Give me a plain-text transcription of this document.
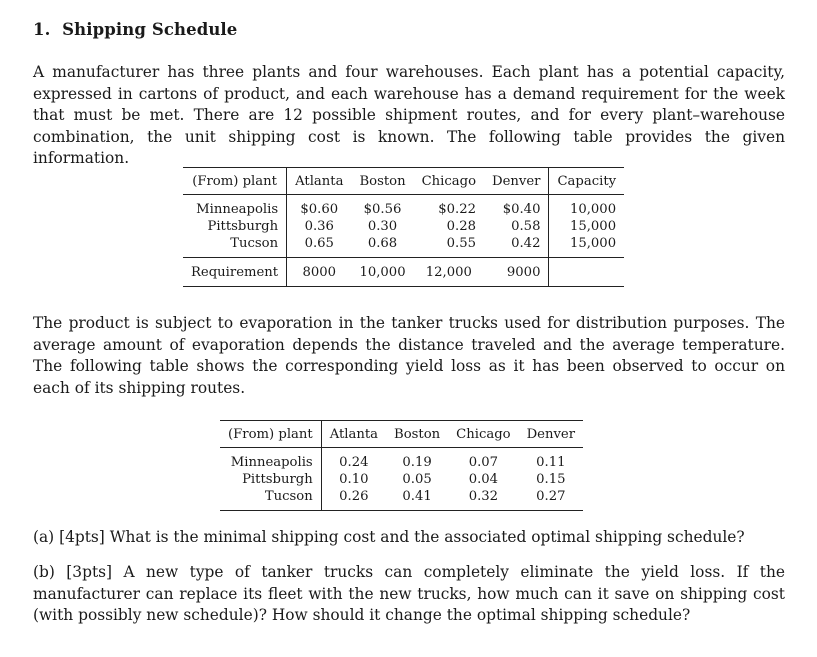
1. Shipping Schedule

A manufacturer has three plants and four warehouses. Each plant has a potential capacity, expressed in cartons of product, and each warehouse has a demand requirement for the week that must be met. There are 12 possible shipment routes, and for every plant–warehouse combination, the unit shipping cost is known. The following table provides the given information.

(From) plant	Atlanta	Boston	Chicago	Denver	Capacity
Minneapolis	$0.60	$0.56	$0.22	$0.40	10,000
Pittsburgh	0.36	0.30	0.28	0.58	15,000
Tucson	0.65	0.68	0.55	0.42	15,000
Requirement	8000	10,000	12,000	9000	

The product is subject to evaporation in the tanker trucks used for distribution purposes. The average amount of evaporation depends the distance traveled and the average temperature. The following table shows the corresponding yield loss as it has been observed to occur on each of its shipping routes.

(From) plant	Atlanta	Boston	Chicago	Denver
Minneapolis	0.24	0.19	0.07	0.11
Pittsburgh	0.10	0.05	0.04	0.15
Tucson	0.26	0.41	0.32	0.27

(a) [4pts] What is the minimal shipping cost and the associated optimal shipping schedule?

(b) [3pts] A new type of tanker trucks can completely eliminate the yield loss. If the manufacturer can replace its fleet with the new trucks, how much can it save on shipping cost (with possibly new schedule)? How should it change the optimal shipping schedule?
